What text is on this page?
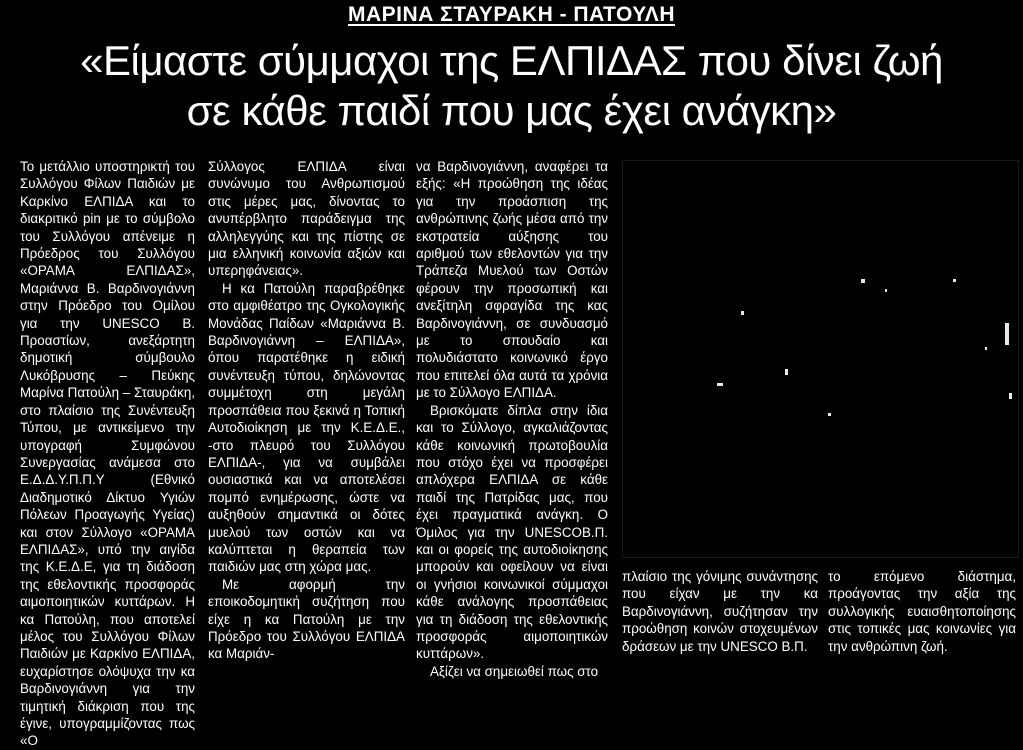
ΜΑΡΙΝΑ ΣΤΑΥΡΑΚΗ - ΠΑΤΟΥΛΗ
«Είμαστε σύμμαχοι της ΕΛΠΙΔΑΣ που δίνει ζωή
σε κάθε παιδί που μας έχει ανάγκη»

Το μετάλλιο υποστηρικτή του Συλλόγου Φίλων Παιδιών με Καρκίνο ΕΛΠΙΔΑ και το διακριτικό pin με το σύμβολο του Συλλόγου απένειμε η Πρόεδρος του Συλλόγου «ΟΡΑΜΑ ΕΛΠΙΔΑΣ», Μαριάννα Β. Βαρδινογιάννη στην Πρόεδρο του Ομίλου για την UNESCO Β. Προαστίων, ανεξάρτητη δημοτική σύμβουλο Λυκόβρυσης – Πεύκης Μαρίνα Πατούλη – Σταυράκη, στο πλαίσιο της Συνέντευξη Τύπου, με αντικείμενο την υπογραφή Συμφώνου Συνεργασίας ανάμεσα στο Ε.Δ.Δ.Υ.Π.Π.Υ (Εθνικό Διαδημοτικό Δίκτυο Υγιών Πόλεων Προαγωγής Υγείας) και στον Σύλλογο «ΟΡΑΜΑ ΕΛΠΙΔΑΣ», υπό την αιγίδα της Κ.Ε.Δ.Ε, για τη διάδοση της εθελοντικής προσφοράς αιμοποιητικών κυττάρων. Η κα Πατούλη, που αποτελεί μέλος του Συλλόγου Φίλων Παιδιών με Καρκίνο ΕΛΠΙΔΑ, ευχαρίστησε ολόψυχα την κα Βαρδινογιάννη για την τιμητική διάκριση που της έγινε, υπογραμμίζοντας πως «Ο

Σύλλογος ΕΛΠΙΔΑ είναι συνώνυμο του Ανθρωπισμού στις μέρες μας, δίνοντας το ανυπέρβλητο παράδειγμα της αλληλεγγύης και της πίστης σε μια ελληνική κοινωνία αξιών και υπερηφάνειας».

Η κα Πατούλη παραβρέθηκε στο αμφιθέατρο της Ογκολογικής Μονάδας Παίδων «Μαριάννα Β. Βαρδινογιάννη – ΕΛΠΙΔΑ», όπου παρατέθηκε η ειδική συνέντευξη τύπου, δηλώνοντας συμμέτοχη στη μεγάλη προσπάθεια που ξεκινά η Τοπική Αυτοδιοίκηση με την Κ.Ε.Δ.Ε., -στο πλευρό του Συλλόγου ΕΛΠΙΔΑ-, για να συμβάλει ουσιαστικά και να αποτελέσει πομπό ενημέρωσης, ώστε να αυξηθούν σημαντικά οι δότες μυελού των οστών και να καλύπτεται η θεραπεία των παιδιών μας στη χώρα μας.

Με αφορμή την εποικοδομητική συζήτηση που είχε η κα Πατούλη με την Πρόεδρο του Συλλόγου ΕΛΠΙΔΑ κα Μαριάν-

να Βαρδινογιάννη, αναφέρει τα εξής: «Η προώθηση της ιδέας για την προάσπιση της ανθρώπινης ζωής μέσα από την εκστρατεία αύξησης του αριθμού των εθελοντών για την Τράπεζα Μυελού των Οστών φέρουν την προσωπική και ανεξίτηλη σφραγίδα της κας Βαρδινογιάννη, σε συνδυασμό με το σπουδαίο και πολυδιάστατο κοινωνικό έργο που επιτελεί όλα αυτά τα χρόνια με το Σύλλογο ΕΛΠΙΔΑ.

Βρισκόματε δίπλα στην ίδια και το Σύλλογο, αγκαλιάζοντας κάθε κοινωνική πρωτοβουλία που στόχο έχει να προσφέρει απλόχερα ΕΛΠΙΔΑ σε κάθε παιδί της Πατρίδας μας, που έχει πραγματικά ανάγκη. Ο Όμιλος για την UNESCOB.Π. και οι φορείς της αυτοδιοίκησης μπορούν και οφείλουν να είναι οι γνήσιοι κοινωνικοί σύμμαχοι κάθε ανάλογης προσπάθειας για τη διάδοση της εθελοντικής προσφοράς αιμοποιητικών κυττάρων».

Αξίζει να σημειωθεί πως στο

πλαίσιο της γόνιμης συνάντησης που είχαν με την κα Βαρδινογιάννη, συζήτησαν την προώθηση κοινών στοχευμένων δράσεων με την UNESCO Β.Π.

το επόμενο διάστημα, προάγοντας την αξία της συλλογικής ευαισθητοποίησης στις τοπικές μας κοινωνίες για την ανθρώπινη ζωή.
